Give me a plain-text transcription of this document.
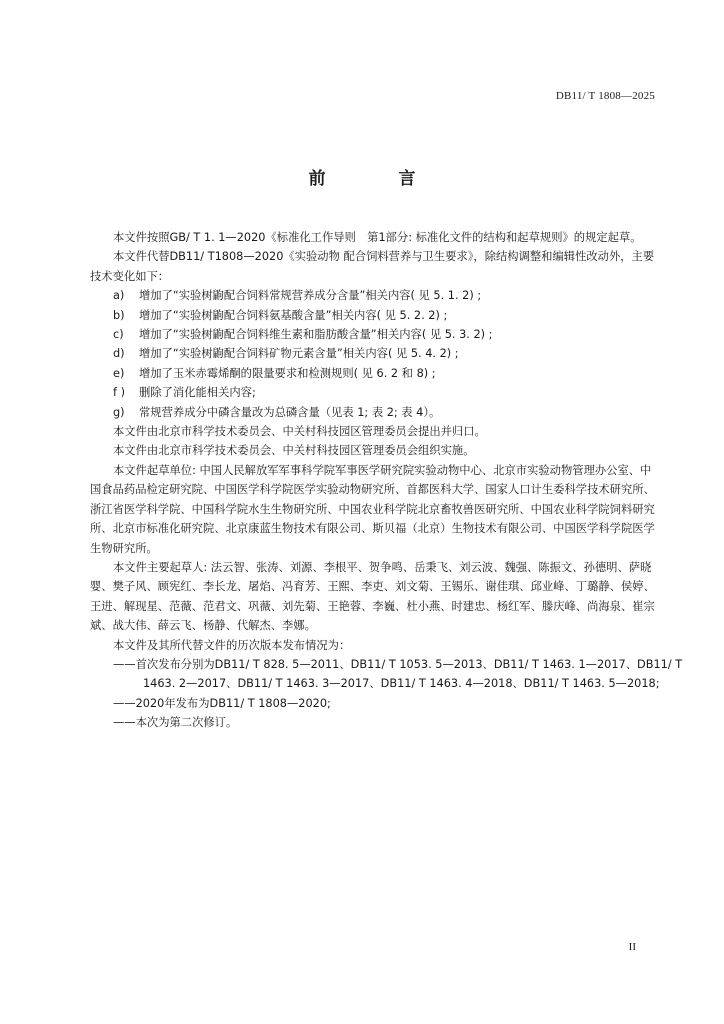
DB11/ T 1808—2025
前　言
本文件按照GB/ T 1. 1—2020《标准化工作导则　第1部分: 标准化文件的结构和起草规则》的规定起草。
本文件代替DB11/ T1808—2020《实验动物 配合饲料营养与卫生要求》，除结构调整和编辑性改动外，主要技术变化如下：
a) 增加了“实验树鼩配合饲料常规营养成分含量”相关内容( 见 5. 1. 2) ;
b) 增加了“实验树鼩配合饲料氨基酸含量”相关内容( 见 5. 2. 2) ;
c) 增加了“实验树鼩配合饲料维生素和脂肪酸含量”相关内容( 见 5. 3. 2) ;
d) 增加了“实验树鼩配合饲料矿物元素含量”相关内容( 见 5. 4. 2) ;
e) 增加了玉米赤霉烯酮的限量要求和检测规则( 见 6. 2 和 8) ;
f ) 删除了消化能相关内容;
g) 常规营养成分中磷含量改为总磷含量（见表 1; 表 2; 表 4）。
本文件由北京市科学技术委员会、中关村科技园区管理委员会提出并归口。
本文件由北京市科学技术委员会、中关村科技园区管理委员会组织实施。
本文件起草单位: 中国人民解放军军事科学院军事医学研究院实验动物中心、北京市实验动物管理办公室、中国食品药品检定研究院、中国医学科学院医学实验动物研究所、首都医科大学、国家人口计生委科学技术研究所、浙江省医学科学院、中国科学院水生生物研究所、中国农业科学院北京畜牧兽医研究所、中国农业科学院饲料研究所、北京市标准化研究院、北京康蓝生物技术有限公司、斯贝福（北京）生物技术有限公司、中国医学科学院医学生物研究所。
本文件主要起草人: 法云智、张涛、刘源、李根平、贺争鸣、岳秉飞、刘云波、魏强、陈振文、孙德明、萨晓婴、樊子风、顾宪红、李长龙、屠焰、冯育芳、王熙、李吏、刘文菊、王锡乐、谢佳琪、邱业峰、丁璐静、侯婷、王进、解现星、范薇、范君文、巩薇、刘先菊、王艳蓉、李巍、杜小燕、时建忠、杨红军、滕庆峰、尚海泉、崔宗斌、战大伟、薛云飞、杨静、代解杰、李娜。
本文件及其所代替文件的历次版本发布情况为：
——首次发布分别为DB11/ T 828. 5—2011、DB11/ T 1053. 5—2013、DB11/ T 1463. 1—2017、DB11/ T
1463. 2—2017、DB11/ T 1463. 3—2017、DB11/ T 1463. 4—2018、DB11/ T 1463. 5—2018;
——2020年发布为DB11/ T 1808—2020;
——本次为第二次修订。
II
